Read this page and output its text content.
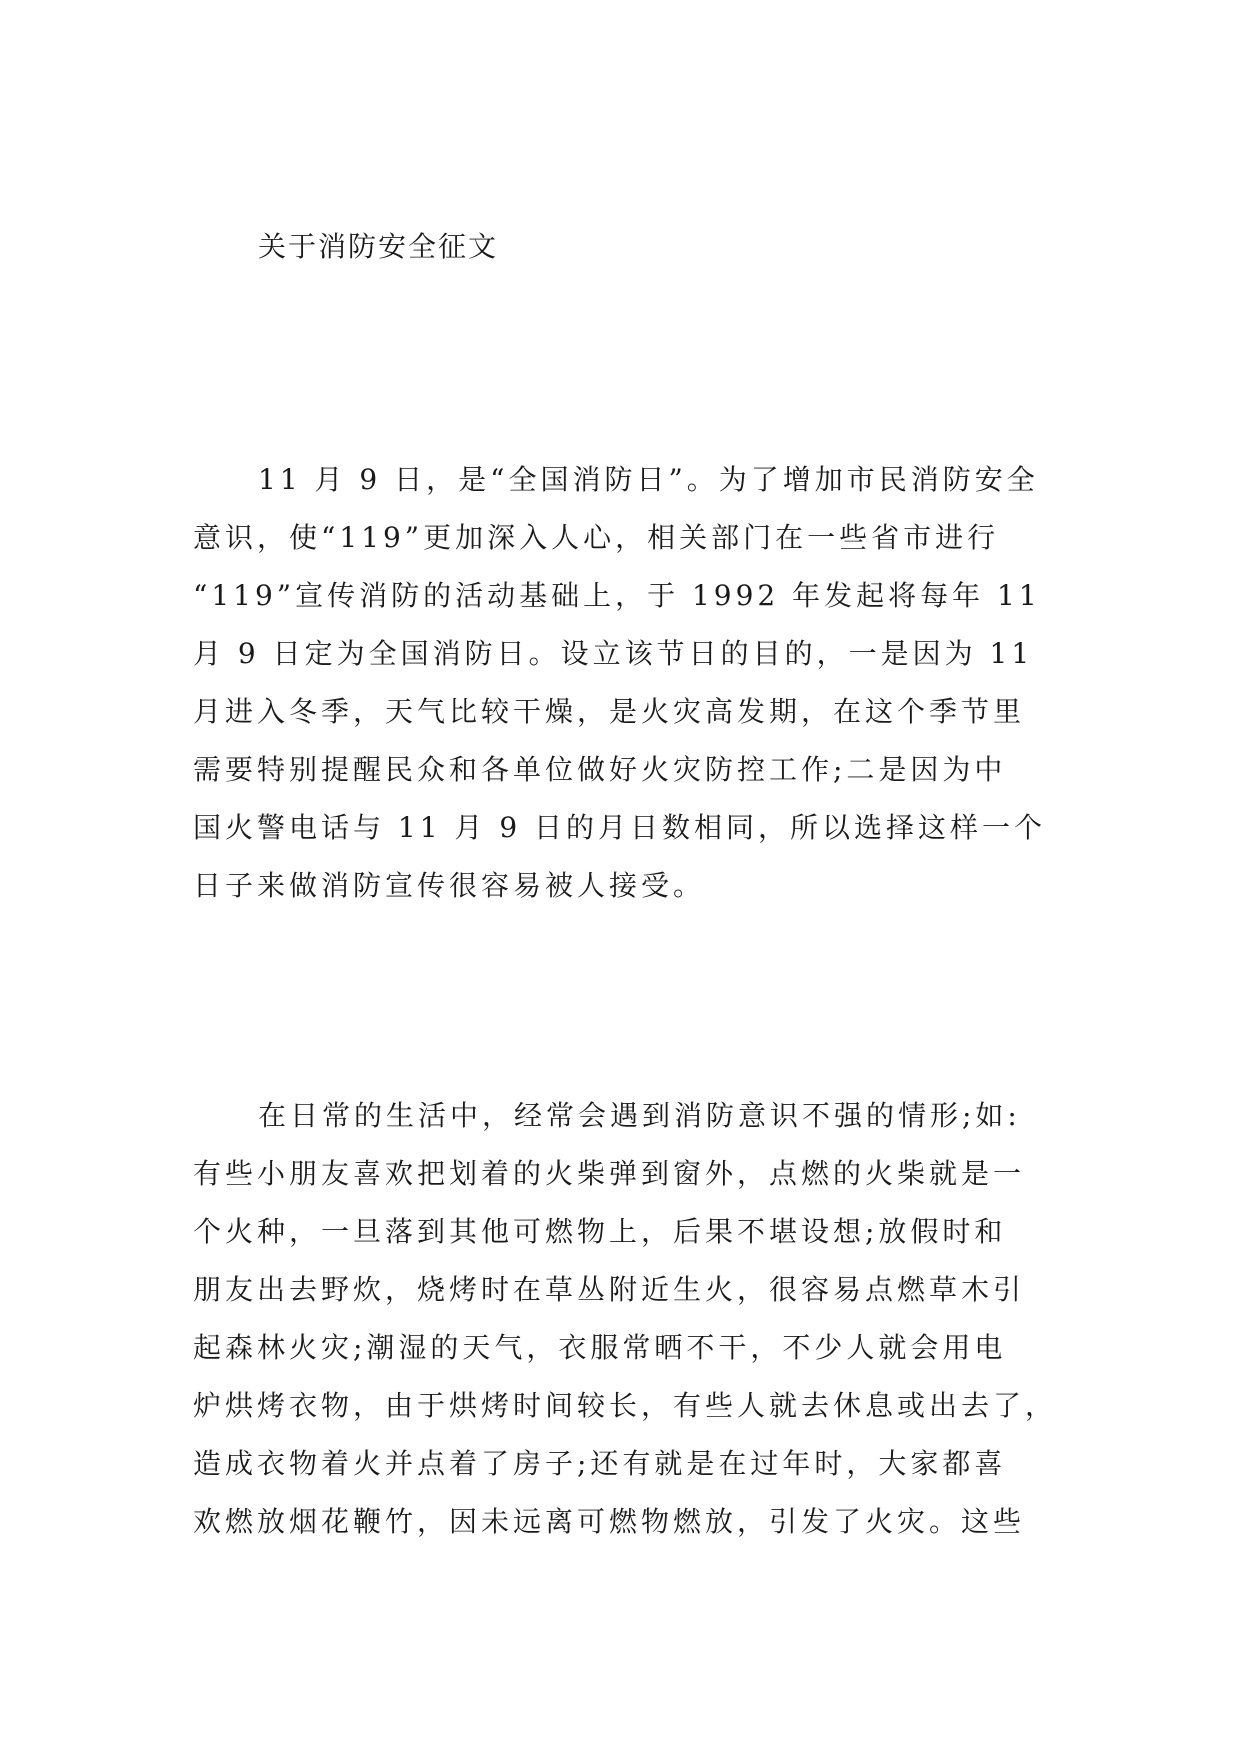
关于消防安全征文
11 月 9 日，是“全国消防日”。为了增加市民消防安全
意识，使“119”更加深入人心，相关部门在一些省市进行
“119”宣传消防的活动基础上，于 1992 年发起将每年 11
月 9 日定为全国消防日。设立该节日的目的，一是因为 11
月进入冬季，天气比较干燥，是火灾高发期，在这个季节里
需要特别提醒民众和各单位做好火灾防控工作;二是因为中
国火警电话与 11 月 9 日的月日数相同，所以选择这样一个
日子来做消防宣传很容易被人接受。
在日常的生活中，经常会遇到消防意识不强的情形;如:
有些小朋友喜欢把划着的火柴弹到窗外，点燃的火柴就是一
个火种，一旦落到其他可燃物上，后果不堪设想;放假时和
朋友出去野炊，烧烤时在草丛附近生火，很容易点燃草木引
起森林火灾;潮湿的天气，衣服常晒不干，不少人就会用电
炉烘烤衣物，由于烘烤时间较长，有些人就去休息或出去了，
造成衣物着火并点着了房子;还有就是在过年时，大家都喜
欢燃放烟花鞭竹，因未远离可燃物燃放，引发了火灾。这些
